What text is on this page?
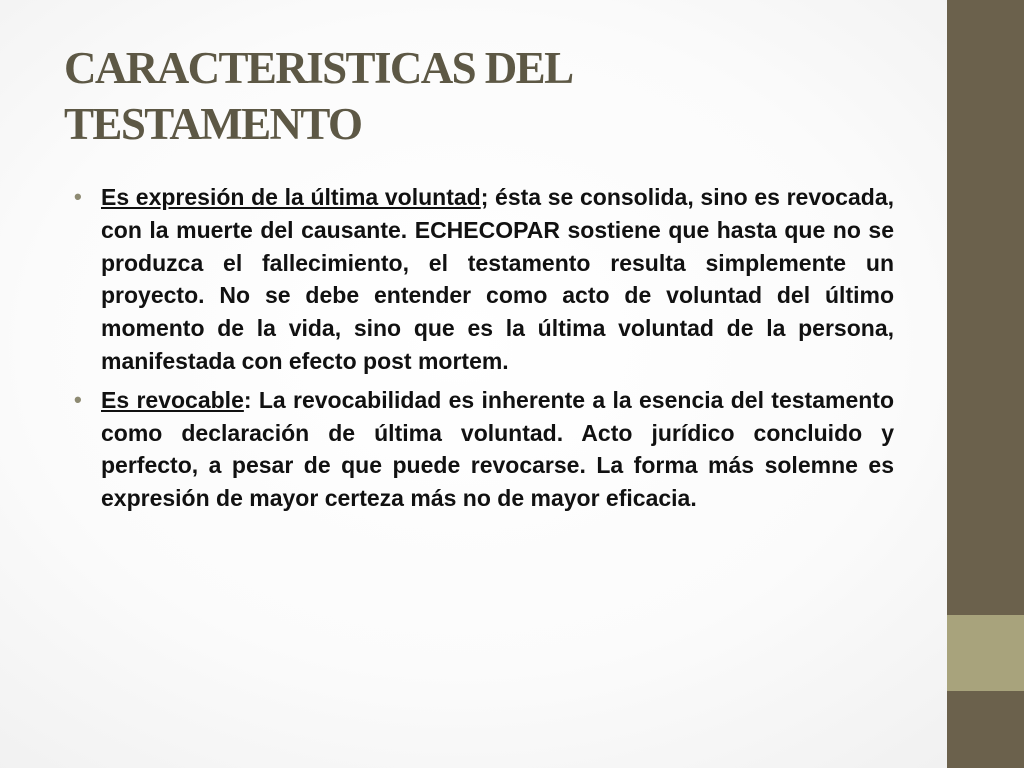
CARACTERISTICAS DEL TESTAMENTO
• Es expresión de la última voluntad; ésta se consolida, sino es revocada, con la muerte del causante. ECHECOPAR sostiene que hasta que no se produzca el fallecimiento, el testamento resulta simplemente un proyecto. No se debe entender como acto de voluntad del último momento de la vida, sino que es la última voluntad de la persona, manifestada con efecto post mortem.
• Es revocable: La revocabilidad es inherente a la esencia del testamento como declaración de última voluntad. Acto jurídico concluido y perfecto, a pesar de que puede revocarse. La forma más solemne es expresión de mayor certeza más no de mayor eficacia.
